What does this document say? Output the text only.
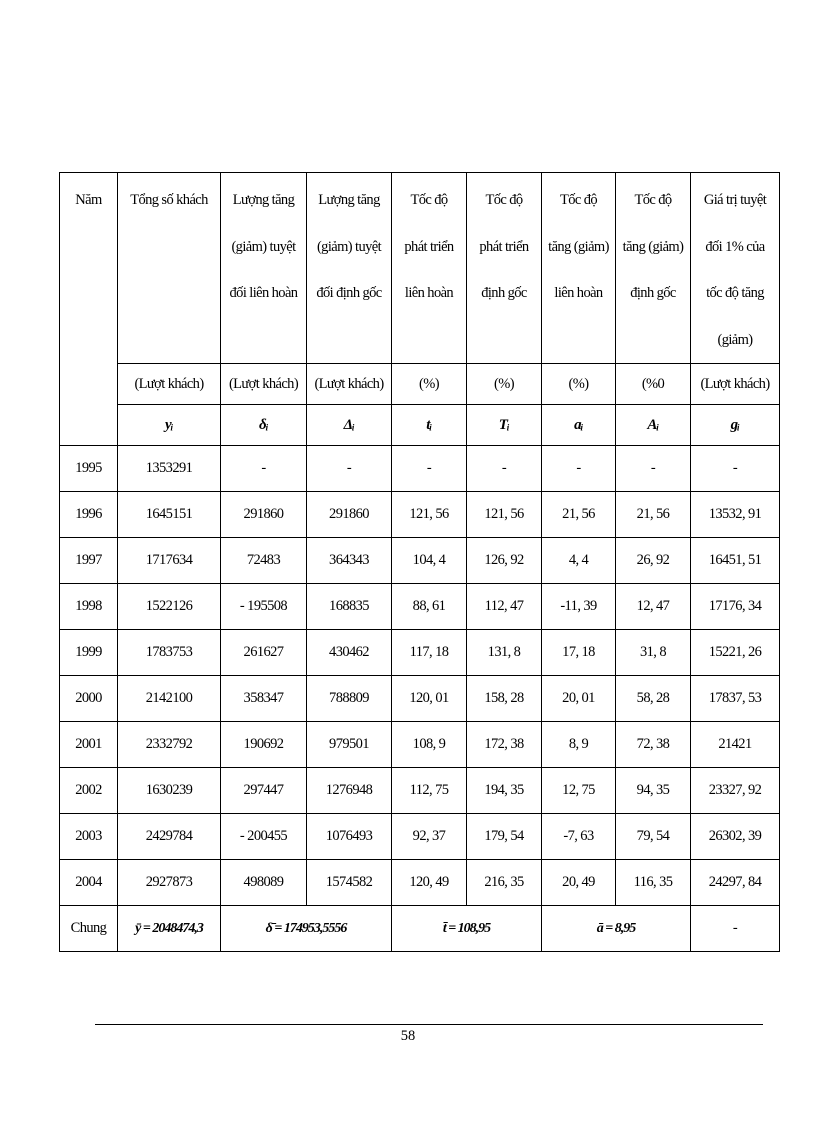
Năm	Tổng số khách	Lượng tăng
(giảm) tuyệt
đối liên hoàn	Lượng tăng
(giảm) tuyệt
đối định gốc	Tốc độ
phát triển
liên hoàn	Tốc độ
phát triển
định gốc	Tốc độ
tăng (giảm)
liên hoàn	Tốc độ
tăng (giảm)
định gốc	Giá trị tuyệt
đối 1% của
tốc độ tăng
(giảm)

	(Lượt khách)	(Lượt khách)	(Lượt khách)	(%)	(%)	(%)	(%0	(Lượt khách)
	yᵢ	δᵢ	Δᵢ	tᵢ	Tᵢ	aᵢ	Aᵢ	gᵢ
1995	1353291	-	-	-	-	-	-	-
1996	1645151	291860	291860	121, 56	121, 56	21, 56	21, 56	13532, 91
1997	1717634	72483	364343	104, 4	126, 92	4, 4	26, 92	16451, 51
1998	1522126	- 195508	168835	88, 61	112, 47	-11, 39	12, 47	17176, 34
1999	1783753	261627	430462	117, 18	131, 8	17, 18	31, 8	15221, 26
2000	2142100	358347	788809	120, 01	158, 28	20, 01	58, 28	17837, 53
2001	2332792	190692	979501	108, 9	172, 38	8, 9	72, 38	21421
2002	1630239	297447	1276948	112, 75	194, 35	12, 75	94, 35	23327, 92
2003	2429784	- 200455	1076493	92, 37	179, 54	-7, 63	79, 54	26302, 39
2004	2927873	498089	1574582	120, 49	216, 35	20, 49	116, 35	24297, 84
Chung	ȳ = 2048474,3	δ̄ = 174953,5556		t̄ = 108,95		ā = 8,95		-
58
